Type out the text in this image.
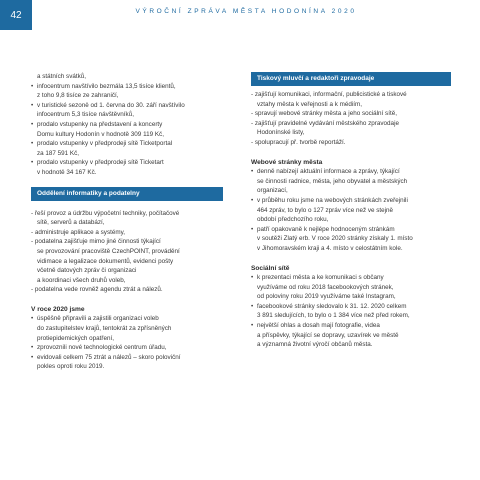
42	VÝROČNÍ ZPRÁVA MĚSTA HODONÍNA 2020
a státních svátků,
• infocentrum navštívilo bezmála 13,5 tisíce klientů,
z toho 9,8 tisíce ze zahraničí,
• v turistické sezoně od 1. června do 30. září navštívilo
infocentrum 5,3 tisíce návštěvníků,
• prodalo vstupenky na představení a koncerty
Domu kultury Hodonín v hodnotě 309 119 Kč,
• prodalo vstupenky v předprodeji sítě Ticketportal
za 187 591 Kč,
• prodalo vstupenky v předprodeji sítě Ticketart
v hodnotě 34 167 Kč.
Oddělení informatiky a podatelny
- řeší provoz a údržbu výpočetní techniky, počítačové
sítě, serverů a databází,
- administruje aplikace a systémy,
- podatelna zajišťuje mimo jiné činnosti týkající
se provozování pracoviště CzechPOINT, provádění
vidimace a legalizace dokumentů, evidenci pošty
včetně datových zpráv či organizaci
a koordinaci všech druhů voleb,
- podatelna vede rovněž agendu ztrát a nálezů.
V roce 2020 jsme
• úspěšně připravili a zajistili organizaci voleb
do zastupitelstev krajů, tentokrát za zpřísněných
protiepidemických opatření,
• zprovoznili nové technologické centrum úřadu,
• evidovali celkem 75 ztrát a nálezů – skoro poloviční
pokles oproti roku 2019.
Tiskový mluvčí a redaktoři zpravodaje
- zajišťují komunikaci, informační, publicistické a tiskové
vztahy města k veřejnosti a k médiím,
- spravují webové stránky města a jeho sociální sítě,
- zajišťují pravidelné vydávání městského zpravodaje
Hodonínské listy,
- spolupracují př. tvorbě reportáží.
Webové stránky města
• denně nabízejí aktuální informace a zprávy, týkající
se činnosti radnice, města, jeho obyvatel a městských
organizací,
• v průběhu roku jsme na webových stránkách zveřejnili
464 zpráv, to bylo o 127 zpráv více než ve stejně
období předchozího roku,
• patří opakovaně k nejlépe hodnoceným stránkám
v soutěži Zlatý erb. V roce 2020 stránky získaly 1. místo
v Jihomoravském kraji a 4. místo v celostátním kole.
Sociální sítě
• k prezentaci města a ke komunikaci s občany
využíváme od roku 2018 facebookových stránek,
od poloviny roku 2019 využíváme také Instagram,
• facebookové stránky sledovalo k 31. 12. 2020 celkem
3 891 sledujících, to bylo o 1 384 více než před rokem,
• největší ohlas a dosah mají fotografie, videa
a příspěvky, týkající se dopravy, uzavírek ve městě
a významná životní výročí občanů města.
